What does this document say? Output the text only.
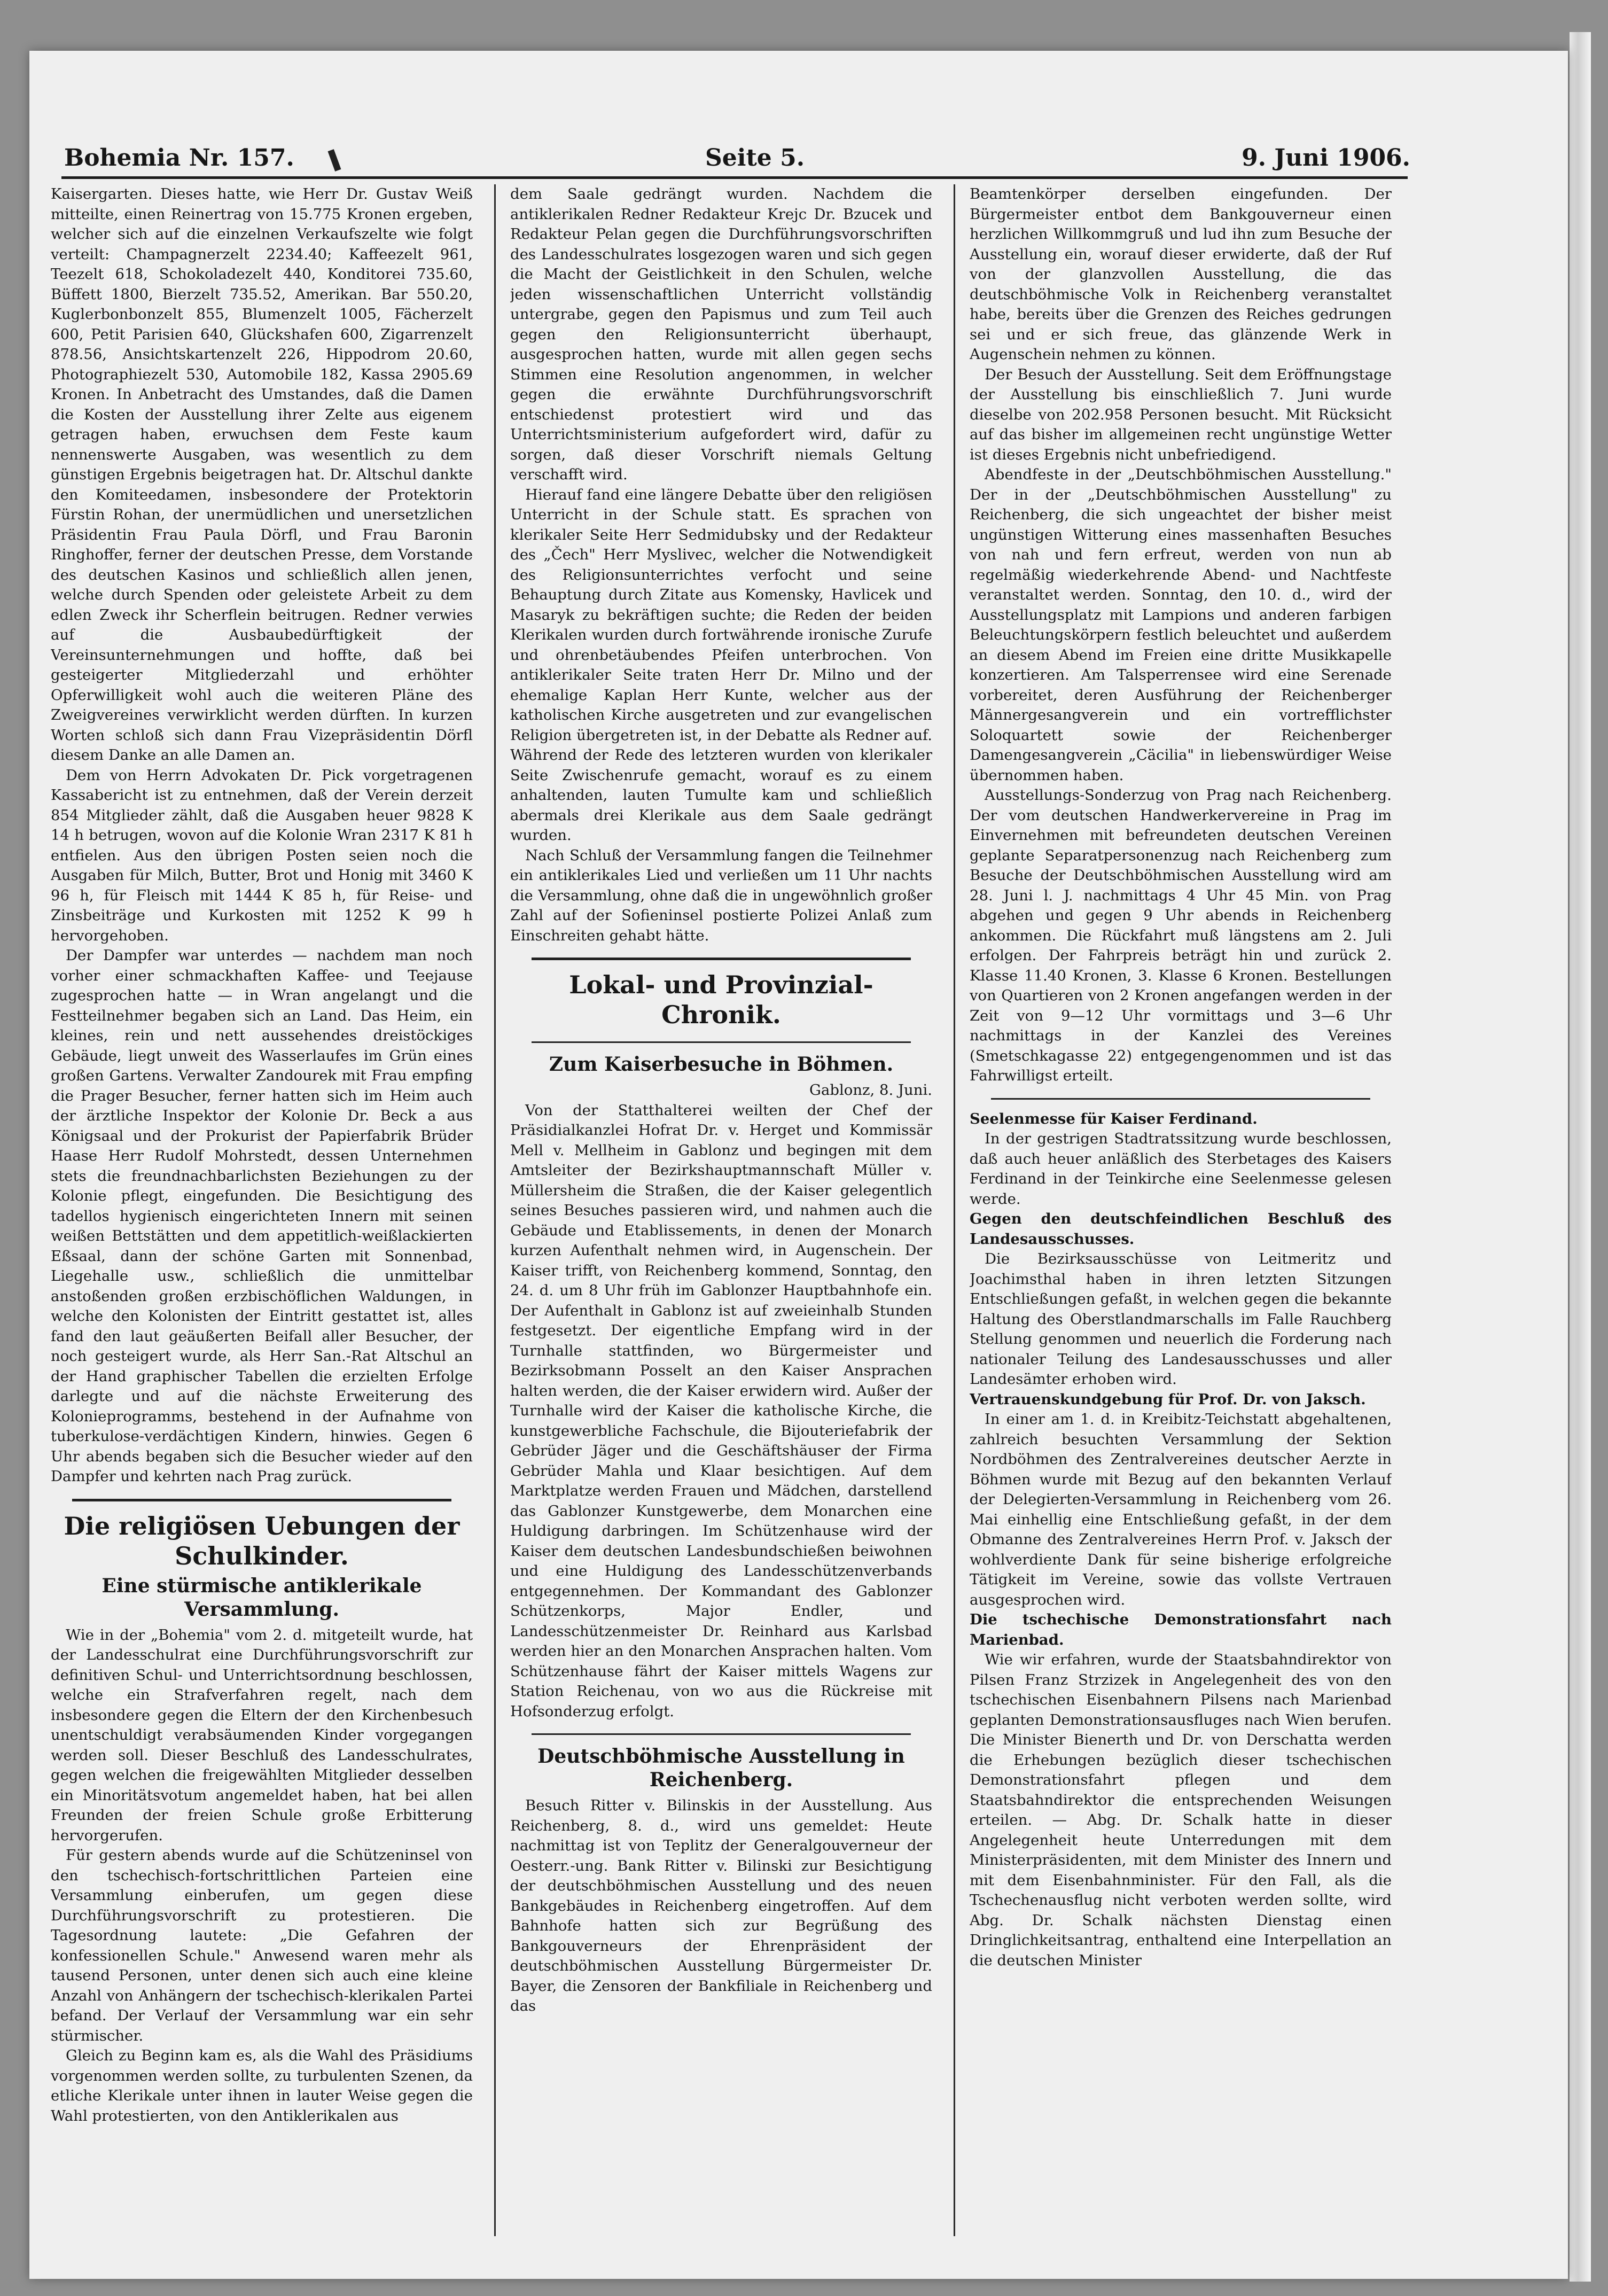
Bohemia Nr. 157.	Seite 5.	9. Juni 1906.

Kaisergarten. Dieses hatte, wie Herr Dr. Gustav Weiß mitteilte, einen Reinertrag von 15.775 Kronen ergeben, welcher sich auf die einzelnen Verkaufszelte wie folgt verteilt: Champagnerzelt 2234.40; Kaffeezelt 961, Teezelt 618, Schokoladezelt 440, Konditorei 735.60, Büffett 1800, Bierzelt 735.52, Amerikan. Bar 550.20, Kuglerbonbonzelt 855, Blumenzelt 1005, Fächerzelt 600, Petit Parisien 640, Glückshafen 600, Zigarrenzelt 878.56, Ansichtskartenzelt 226, Hippodrom 20.60, Photographiezelt 530, Automobile 182, Kassa 2905.69 Kronen. In Anbetracht des Umstandes, daß die Damen die Kosten der Ausstellung ihrer Zelte aus eigenem getragen haben, erwuchsen dem Feste kaum nennenswerte Ausgaben, was wesentlich zu dem günstigen Ergebnis beigetragen hat. Dr. Altschul dankte den Komiteedamen, insbesondere der Protektorin Fürstin Rohan, der unermüdlichen und unersetzlichen Präsidentin Frau Paula Dörfl, und Frau Baronin Ringhoffer, ferner der deutschen Presse, dem Vorstande des deutschen Kasinos und schließlich allen jenen, welche durch Spenden oder geleistete Arbeit zu dem edlen Zweck ihr Scherflein beitrugen. Redner verwies auf die Ausbaubedürftigkeit der Vereinsunternehmungen und hoffte, daß bei gesteigerter Mitgliederzahl und erhöhter Opferwilligkeit wohl auch die weiteren Pläne des Zweigvereines verwirklicht werden dürften. In kurzen Worten schloß sich dann Frau Vizepräsidentin Dörfl diesem Danke an alle Damen an.

Dem von Herrn Advokaten Dr. Pick vorgetragenen Kassabericht ist zu entnehmen, daß der Verein derzeit 854 Mitglieder zählt, daß die Ausgaben heuer 9828 K 14 h betrugen, wovon auf die Kolonie Wran 2317 K 81 h entfielen. Aus den übrigen Posten seien noch die Ausgaben für Milch, Butter, Brot und Honig mit 3460 K 96 h, für Fleisch mit 1444 K 85 h, für Reise- und Zinsbeiträge und Kurkosten mit 1252 K 99 h hervorgehoben.

Der Dampfer war unterdes — nachdem man noch vorher einer schmackhaften Kaffee- und Teejause zugesprochen hatte — in Wran angelangt und die Festteilnehmer begaben sich an Land. Das Heim, ein kleines, rein und nett aussehendes dreistöckiges Gebäude, liegt unweit des Wasserlaufes im Grün eines großen Gartens. Verwalter Zandourek mit Frau empfing die Prager Besucher, ferner hatten sich im Heim auch der ärztliche Inspektor der Kolonie Dr. Beck a aus Königsaal und der Prokurist der Papierfabrik Brüder Haase Herr Rudolf Mohrstedt, dessen Unternehmen stets die freundnachbarlichsten Beziehungen zu der Kolonie pflegt, eingefunden. Die Besichtigung des tadellos hygienisch eingerichteten Innern mit seinen weißen Bettstätten und dem appetitlich-weißlackierten Eßsaal, dann der schöne Garten mit Sonnenbad, Liegehalle usw., schließlich die unmittelbar anstoßenden großen erzbischöflichen Waldungen, in welche den Kolonisten der Eintritt gestattet ist, alles fand den laut geäußerten Beifall aller Besucher, der noch gesteigert wurde, als Herr San.-Rat Altschul an der Hand graphischer Tabellen die erzielten Erfolge darlegte und auf die nächste Erweiterung des Kolonieprogramms, bestehend in der Aufnahme von tuberkulose-verdächtigen Kindern, hinwies. Gegen 6 Uhr abends begaben sich die Besucher wieder auf den Dampfer und kehrten nach Prag zurück.

Die religiösen Uebungen der Schulkinder.
Eine stürmische antiklerikale Versammlung.

Wie in der „Bohemia" vom 2. d. mitgeteilt wurde, hat der Landesschulrat eine Durchführungsvorschrift zur definitiven Schul- und Unterrichtsordnung beschlossen, welche ein Strafverfahren regelt, nach dem insbesondere gegen die Eltern der den Kirchenbesuch unentschuldigt verabsäumenden Kinder vorgegangen werden soll. Dieser Beschluß des Landesschulrates, gegen welchen die freigewählten Mitglieder desselben ein Minoritätsvotum angemeldet haben, hat bei allen Freunden der freien Schule große Erbitterung hervorgerufen.

Für gestern abends wurde auf die Schützeninsel von den tschechisch-fortschrittlichen Parteien eine Versammlung einberufen, um gegen diese Durchführungsvorschrift zu protestieren. Die Tagesordnung lautete: „Die Gefahren der konfessionellen Schule." Anwesend waren mehr als tausend Personen, unter denen sich auch eine kleine Anzahl von Anhängern der tschechisch-klerikalen Partei befand. Der Verlauf der Versammlung war ein sehr stürmischer.

Gleich zu Beginn kam es, als die Wahl des Präsidiums vorgenommen werden sollte, zu turbulenten Szenen, da etliche Klerikale unter ihnen in lauter Weise gegen die Wahl protestierten, von den Antiklerikalen aus

dem Saale gedrängt wurden. Nachdem die antiklerikalen Redner Redakteur Krejc Dr. Bzucek und Redakteur Pelan gegen die Durchführungsvorschriften des Landesschulrates losgezogen waren und sich gegen die Macht der Geistlichkeit in den Schulen, welche jeden wissenschaftlichen Unterricht vollständig untergrabe, gegen den Papismus und zum Teil auch gegen den Religionsunterricht überhaupt, ausgesprochen hatten, wurde mit allen gegen sechs Stimmen eine Resolution angenommen, in welcher gegen die erwähnte Durchführungsvorschrift entschiedenst protestiert wird und das Unterrichtsministerium aufgefordert wird, dafür zu sorgen, daß dieser Vorschrift niemals Geltung verschafft wird.

Hierauf fand eine längere Debatte über den religiösen Unterricht in der Schule statt. Es sprachen von klerikaler Seite Herr Sedmidubsky und der Redakteur des „Čech" Herr Myslivec, welcher die Notwendigkeit des Religionsunterrichtes verfocht und seine Behauptung durch Zitate aus Komensky, Havlicek und Masaryk zu bekräftigen suchte; die Reden der beiden Klerikalen wurden durch fortwährende ironische Zurufe und ohrenbetäubendes Pfeifen unterbrochen. Von antiklerikaler Seite traten Herr Dr. Milno und der ehemalige Kaplan Herr Kunte, welcher aus der katholischen Kirche ausgetreten und zur evangelischen Religion übergetreten ist, in der Debatte als Redner auf. Während der Rede des letzteren wurden von klerikaler Seite Zwischenrufe gemacht, worauf es zu einem anhaltenden, lauten Tumulte kam und schließlich abermals drei Klerikale aus dem Saale gedrängt wurden.

Nach Schluß der Versammlung fangen die Teilnehmer ein antiklerikales Lied und verließen um 11 Uhr nachts die Versammlung, ohne daß die in ungewöhnlich großer Zahl auf der Sofieninsel postierte Polizei Anlaß zum Einschreiten gehabt hätte.

Lokal- und Provinzial-Chronik.
Zum Kaiserbesuche in Böhmen.

Gablonz, 8. Juni.

Von der Statthalterei weilten der Chef der Präsidialkanzlei Hofrat Dr. v. Herget und Kommissär Mell v. Mellheim in Gablonz und begingen mit dem Amtsleiter der Bezirkshauptmannschaft Müller v. Müllersheim die Straßen, die der Kaiser gelegentlich seines Besuches passieren wird, und nahmen auch die Gebäude und Etablissements, in denen der Monarch kurzen Aufenthalt nehmen wird, in Augenschein. Der Kaiser trifft, von Reichenberg kommend, Sonntag, den 24. d. um 8 Uhr früh im Gablonzer Hauptbahnhofe ein. Der Aufenthalt in Gablonz ist auf zweieinhalb Stunden festgesetzt. Der eigentliche Empfang wird in der Turnhalle stattfinden, wo Bürgermeister und Bezirksobmann Posselt an den Kaiser Ansprachen halten werden, die der Kaiser erwidern wird. Außer der Turnhalle wird der Kaiser die katholische Kirche, die kunstgewerbliche Fachschule, die Bijouteriefabrik der Gebrüder Jäger und die Geschäftshäuser der Firma Gebrüder Mahla und Klaar besichtigen. Auf dem Marktplatze werden Frauen und Mädchen, darstellend das Gablonzer Kunstgewerbe, dem Monarchen eine Huldigung darbringen. Im Schützenhause wird der Kaiser dem deutschen Landesbundschießen beiwohnen und eine Huldigung des Landesschützenverbands entgegennehmen. Der Kommandant des Gablonzer Schützenkorps, Major Endler, und Landesschützenmeister Dr. Reinhard aus Karlsbad werden hier an den Monarchen Ansprachen halten. Vom Schützenhause fährt der Kaiser mittels Wagens zur Station Reichenau, von wo aus die Rückreise mit Hofsonderzug erfolgt.

Deutschböhmische Ausstellung in Reichenberg.

Besuch Ritter v. Bilinskis in der Ausstellung. Aus Reichenberg, 8. d., wird uns gemeldet: Heute nachmittag ist von Teplitz der Generalgouverneur der Oesterr.-ung. Bank Ritter v. Bilinski zur Besichtigung der deutschböhmischen Ausstellung und des neuen Bankgebäudes in Reichenberg eingetroffen. Auf dem Bahnhofe hatten sich zur Begrüßung des Bankgouverneurs der Ehrenpräsident der deutschböhmischen Ausstellung Bürgermeister Dr. Bayer, die Zensoren der Bankfiliale in Reichenberg und das

Beamtenkörper derselben eingefunden. Der Bürgermeister entbot dem Bankgouverneur einen herzlichen Willkommgruß und lud ihn zum Besuche der Ausstellung ein, worauf dieser erwiderte, daß der Ruf von der glanzvollen Ausstellung, die das deutschböhmische Volk in Reichenberg veranstaltet habe, bereits über die Grenzen des Reiches gedrungen sei und er sich freue, das glänzende Werk in Augenschein nehmen zu können.

Der Besuch der Ausstellung. Seit dem Eröffnungstage der Ausstellung bis einschließlich 7. Juni wurde dieselbe von 202.958 Personen besucht. Mit Rücksicht auf das bisher im allgemeinen recht ungünstige Wetter ist dieses Ergebnis nicht unbefriedigend.

Abendfeste in der „Deutschböhmischen Ausstellung." Der in der „Deutschböhmischen Ausstellung" zu Reichenberg, die sich ungeachtet der bisher meist ungünstigen Witterung eines massenhaften Besuches von nah und fern erfreut, werden von nun ab regelmäßig wiederkehrende Abend- und Nachtfeste veranstaltet werden. Sonntag, den 10. d., wird der Ausstellungsplatz mit Lampions und anderen farbigen Beleuchtungskörpern festlich beleuchtet und außerdem an diesem Abend im Freien eine dritte Musikkapelle konzertieren. Am Talsperrensee wird eine Serenade vorbereitet, deren Ausführung der Reichenberger Männergesangverein und ein vortrefflichster Soloquartett sowie der Reichenberger Damengesangverein „Cäcilia" in liebenswürdiger Weise übernommen haben.

Ausstellungs-Sonderzug von Prag nach Reichenberg. Der vom deutschen Handwerkervereine in Prag im Einvernehmen mit befreundeten deutschen Vereinen geplante Separatpersonenzug nach Reichenberg zum Besuche der Deutschböhmischen Ausstellung wird am 28. Juni l. J. nachmittags 4 Uhr 45 Min. von Prag abgehen und gegen 9 Uhr abends in Reichenberg ankommen. Die Rückfahrt muß längstens am 2. Juli erfolgen. Der Fahrpreis beträgt hin und zurück 2. Klasse 11.40 Kronen, 3. Klasse 6 Kronen. Bestellungen von Quartieren von 2 Kronen angefangen werden in der Zeit von 9—12 Uhr vormittags und 3—6 Uhr nachmittags in der Kanzlei des Vereines (Smetschkagasse 22) entgegengenommen und ist das Fahrwilligst erteilt.

Seelenmesse für Kaiser Ferdinand.

In der gestrigen Stadtratssitzung wurde beschlossen, daß auch heuer anläßlich des Sterbetages des Kaisers Ferdinand in der Teinkirche eine Seelenmesse gelesen werde.

Gegen den deutschfeindlichen Beschluß des Landesausschusses.

Die Bezirksausschüsse von Leitmeritz und Joachimsthal haben in ihren letzten Sitzungen Entschließungen gefaßt, in welchen gegen die bekannte Haltung des Oberstlandmarschalls im Falle Rauchberg Stellung genommen und neuerlich die Forderung nach nationaler Teilung des Landesausschusses und aller Landesämter erhoben wird.

Vertrauenskundgebung für Prof. Dr. von Jaksch.

In einer am 1. d. in Kreibitz-Teichstatt abgehaltenen, zahlreich besuchten Versammlung der Sektion Nordböhmen des Zentralvereines deutscher Aerzte in Böhmen wurde mit Bezug auf den bekannten Verlauf der Delegierten-Versammlung in Reichenberg vom 26. Mai einhellig eine Entschließung gefaßt, in der dem Obmanne des Zentralvereines Herrn Prof. v. Jaksch der wohlverdiente Dank für seine bisherige erfolgreiche Tätigkeit im Vereine, sowie das vollste Vertrauen ausgesprochen wird.

Die tschechische Demonstrationsfahrt nach Marienbad.

Wie wir erfahren, wurde der Staatsbahndirektor von Pilsen Franz Strzizek in Angelegenheit des von den tschechischen Eisenbahnern Pilsens nach Marienbad geplanten Demonstrationsausfluges nach Wien berufen. Die Minister Bienerth und Dr. von Derschatta werden die Erhebungen bezüglich dieser tschechischen Demonstrationsfahrt pflegen und dem Staatsbahndirektor die entsprechenden Weisungen erteilen. — Abg. Dr. Schalk hatte in dieser Angelegenheit heute Unterredungen mit dem Ministerpräsidenten, mit dem Minister des Innern und mit dem Eisenbahnminister. Für den Fall, als die Tschechenausflug nicht verboten werden sollte, wird Abg. Dr. Schalk nächsten Dienstag einen Dringlichkeitsantrag, enthaltend eine Interpellation an die deutschen Minister
